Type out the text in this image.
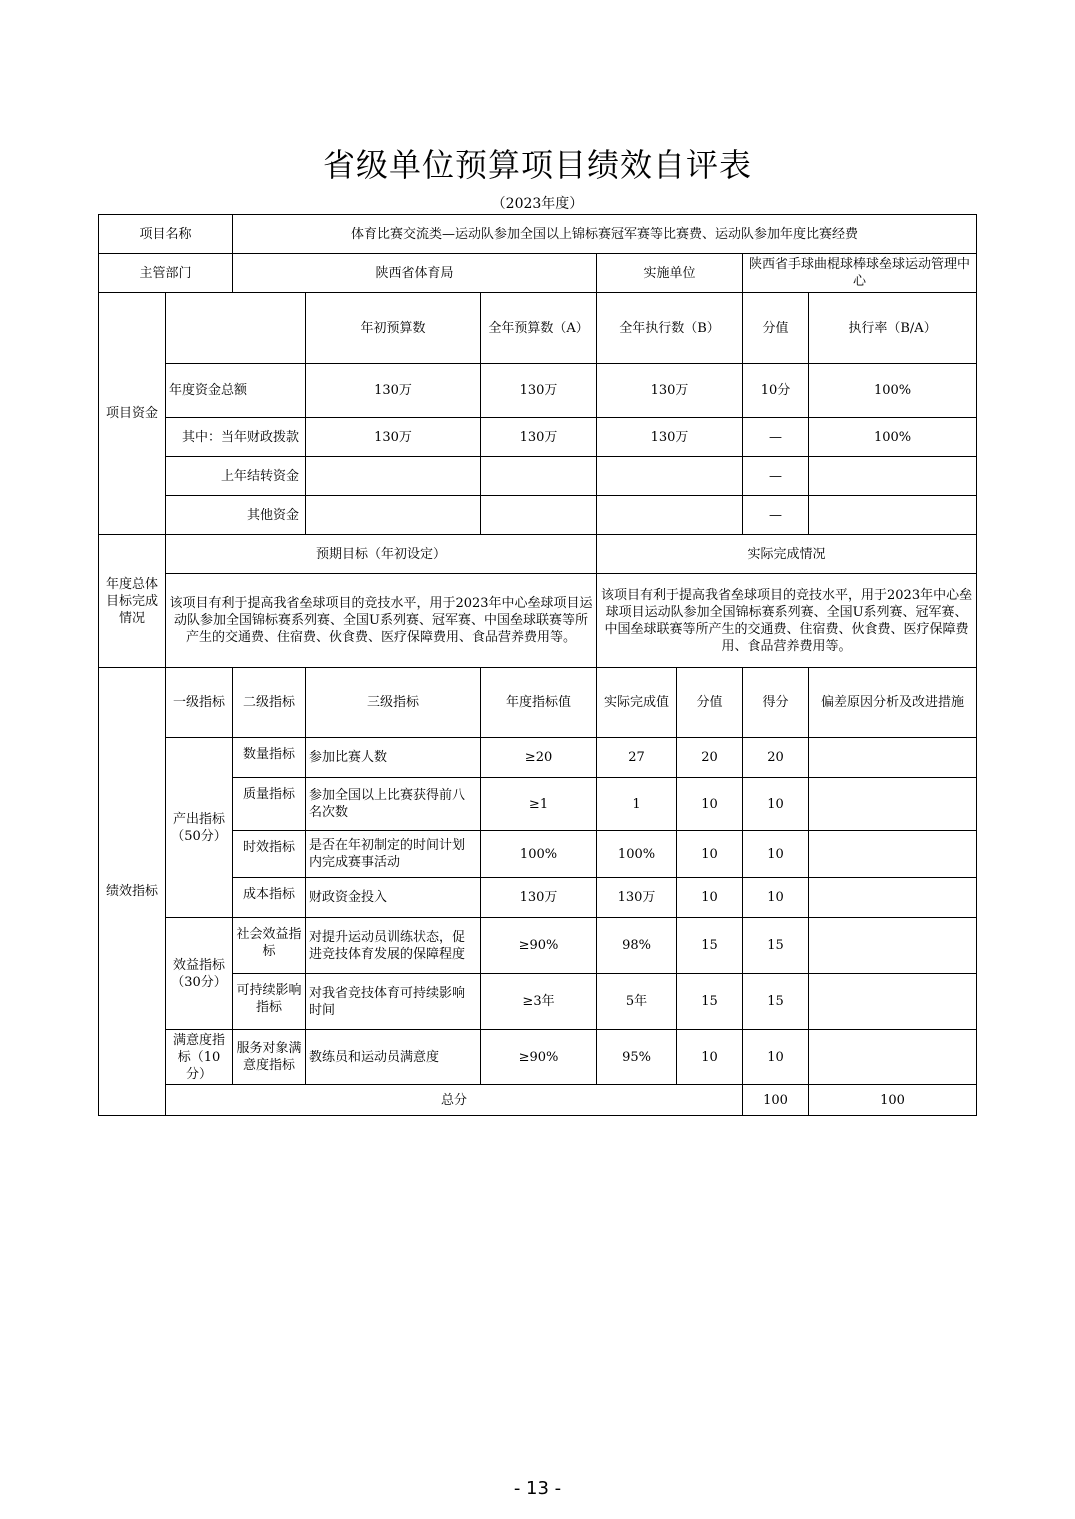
省级单位预算项目绩效自评表
（2023年度）
项目名称		体育比赛交流类—运动队参加全国以上锦标赛冠军赛等比赛费、运动队参加年度比赛经费							
主管部门		陕西省体育局			实施单位		陕西省手球曲棍球棒球垒球运动管理中心		
项目资金			年初预算数	全年预算数（A）	全年执行数（B）		分值	执行率（B/A）	
	年度资金总额		130万	130万	130万		10分	100%	
	其中：当年财政拨款		130万	130万	130万		—	100%	
	上年结转资金						—		
	其他资金						—		
年度总体目标完成情况	预期目标（年初设定）				实际完成情况				
	该项目有利于提高我省垒球项目的竞技水平，用于2023年中心垒球项目运动队参加全国锦标赛系列赛、全国U系列赛、冠军赛、中国垒球联赛等所产生的交通费、住宿费、伙食费、医疗保障费用、食品营养费用等。				该项目有利于提高我省垒球项目的竞技水平，用于2023年中心垒球项目运动队参加全国锦标赛系列赛、全国U系列赛、冠军赛、中国垒球联赛等所产生的交通费、住宿费、伙食费、医疗保障费用、食品营养费用等。				
绩效指标	一级指标	二级指标	三级指标	年度指标值	实际完成值	分值	得分	偏差原因分析及改进措施	
	产出指标（50分）	数量指标	参加比赛人数	≥20	27	20	20		
		质量指标	参加全国以上比赛获得前八名次数	≥1	1	10	10		
		时效指标	是否在年初制定的时间计划内完成赛事活动	100%	100%	10	10		
		成本指标	财政资金投入	130万	130万	10	10		
	效益指标（30分）	社会效益指标	对提升运动员训练状态，促进竞技体育发展的保障程度	≥90%	98%	15	15		
		可持续影响指标	对我省竞技体育可持续影响时间	≥3年	5年	15	15		
	满意度指标（10分）	服务对象满意度指标	教练员和运动员满意度	≥90%	95%	10	10		
	总分						100	100	
- 13 -
